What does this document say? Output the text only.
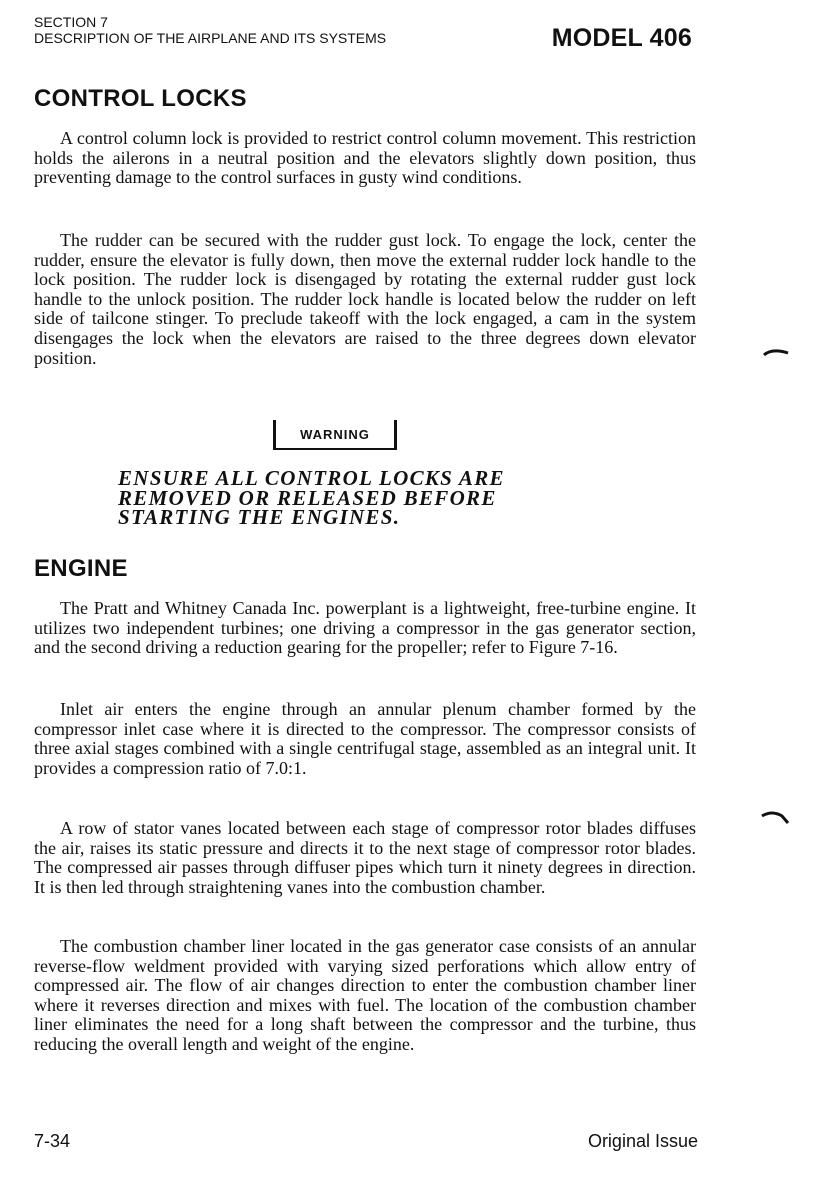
SECTION 7
DESCRIPTION OF THE AIRPLANE AND ITS SYSTEMS	MODEL 406
CONTROL LOCKS

A control column lock is provided to restrict control column movement. This restriction holds the ailerons in a neutral position and the elevators slightly down position, thus preventing damage to the control surfaces in gusty wind conditions.

The rudder can be secured with the rudder gust lock. To engage the lock, center the rudder, ensure the elevator is fully down, then move the external rudder lock handle to the lock position. The rudder lock is disengaged by rotating the external rudder gust lock handle to the unlock position. The rudder lock handle is located below the rudder on left side of tailcone stinger. To preclude takeoff with the lock engaged, a cam in the system disengages the lock when the elevators are raised to the three degrees down elevator position.

WARNING

ENSURE ALL CONTROL LOCKS ARE
REMOVED OR RELEASED BEFORE
STARTING THE ENGINES.

ENGINE

The Pratt and Whitney Canada Inc. powerplant is a lightweight, free-turbine engine. It utilizes two independent turbines; one driving a compressor in the gas generator section, and the second driving a reduction gearing for the propeller; refer to Figure 7-16.

Inlet air enters the engine through an annular plenum chamber formed by the compressor inlet case where it is directed to the compressor. The compressor consists of three axial stages combined with a single centrifugal stage, assembled as an integral unit. It provides a compression ratio of 7.0:1.

A row of stator vanes located between each stage of compressor rotor blades diffuses the air, raises its static pressure and directs it to the next stage of compressor rotor blades. The compressed air passes through diffuser pipes which turn it ninety degrees in direction. It is then led through straightening vanes into the combustion chamber.

The combustion chamber liner located in the gas generator case consists of an annular reverse-flow weldment provided with varying sized perforations which allow entry of compressed air. The flow of air changes direction to enter the combustion chamber liner where it reverses direction and mixes with fuel. The location of the combustion chamber liner eliminates the need for a long shaft between the compressor and the turbine, thus reducing the overall length and weight of the engine.

7-34	Original Issue
